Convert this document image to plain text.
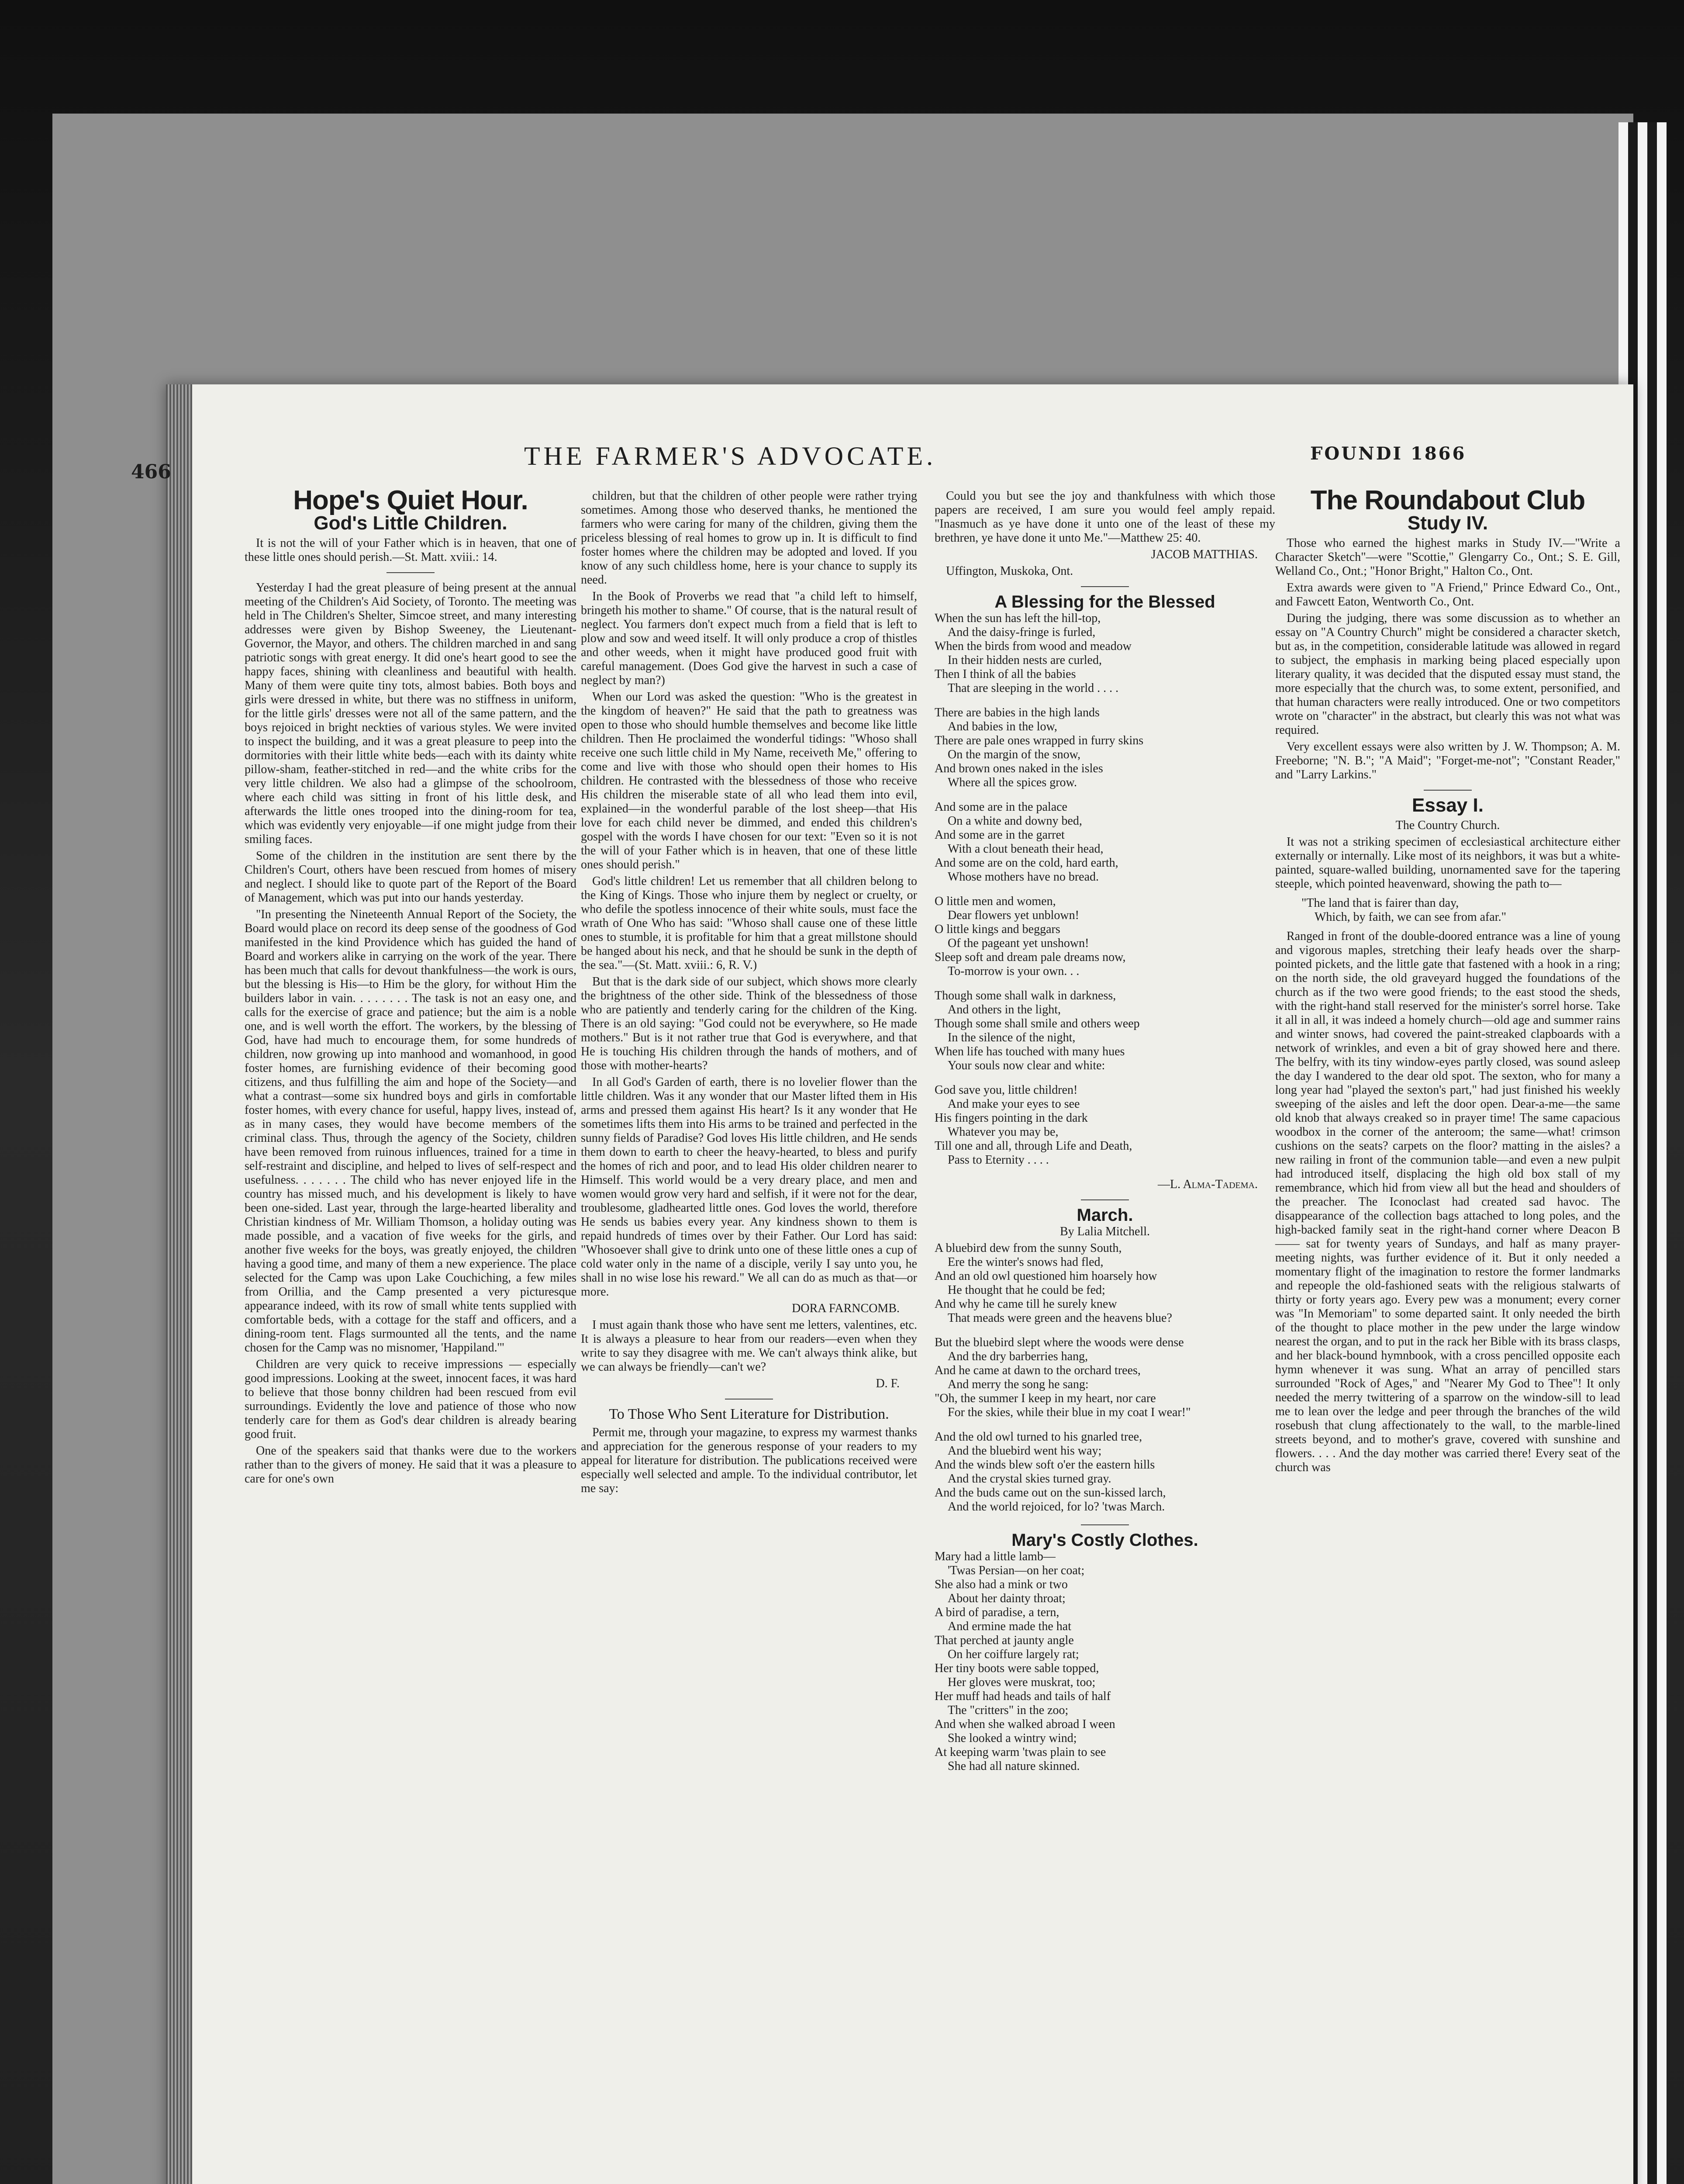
466
THE FARMER'S ADVOCATE.	FOUNDI 1866
Hope's Quiet Hour.
God's Little Children.

It is not the will of your Father which is in heaven, that one of these little ones should perish.—St. Matt. xviii.: 14.

Yesterday I had the great pleasure of being present at the annual meeting of the Children's Aid Society, of Toronto. The meeting was held in The Children's Shelter, Simcoe street, and many interesting addresses were given by Bishop Sweeney, the Lieutenant-Governor, the Mayor, and others. The children marched in and sang patriotic songs with great energy. It did one's heart good to see the happy faces, shining with cleanliness and beautiful with health. Many of them were quite tiny tots, almost babies. Both boys and girls were dressed in white, but there was no stiffness in uniform, for the little girls' dresses were not all of the same pattern, and the boys rejoiced in bright neckties of various styles. We were invited to inspect the building, and it was a great pleasure to peep into the dormitories with their little white beds—each with its dainty white pillow-sham, feather-stitched in red—and the white cribs for the very little children. We also had a glimpse of the schoolroom, where each child was sitting in front of his little desk, and afterwards the little ones trooped into the dining-room for tea, which was evidently very enjoyable—if one might judge from their smiling faces.

Some of the children in the institution are sent there by the Children's Court, others have been rescued from homes of misery and neglect. I should like to quote part of the Report of the Board of Management, which was put into our hands yesterday.

"In presenting the Nineteenth Annual Report of the Society, the Board would place on record its deep sense of the goodness of God manifested in the kind Providence which has guided the hand of Board and workers alike in carrying on the work of the year. There has been much that calls for devout thankfulness—the work is ours, but the blessing is His—to Him be the glory, for without Him the builders labor in vain. . . . . . . . The task is not an easy one, and calls for the exercise of grace and patience; but the aim is a noble one, and is well worth the effort. The workers, by the blessing of God, have had much to encourage them, for some hundreds of children, now growing up into manhood and womanhood, in good foster homes, are furnishing evidence of their becoming good citizens, and thus fulfilling the aim and hope of the Society—and what a contrast—some six hundred boys and girls in comfortable foster homes, with every chance for useful, happy lives, instead of, as in many cases, they would have become members of the criminal class. Thus, through the agency of the Society, children have been removed from ruinous influences, trained for a time in self-restraint and discipline, and helped to lives of self-respect and usefulness. . . . . . . The child who has never enjoyed life in the country has missed much, and his development is likely to have been one-sided. Last year, through the large-hearted liberality and Christian kindness of Mr. William Thomson, a holiday outing was made possible, and a vacation of five weeks for the girls, and another five weeks for the boys, was greatly enjoyed, the children having a good time, and many of them a new experience. The place selected for the Camp was upon Lake Couchiching, a few miles from Orillia, and the Camp presented a very picturesque appearance indeed, with its row of small white tents supplied with comfortable beds, with a cottage for the staff and officers, and a dining-room tent. Flags surmounted all the tents, and the name chosen for the Camp was no misnomer, 'Happiland.'"

Children are very quick to receive impressions — especially good impressions. Looking at the sweet, innocent faces, it was hard to believe that those bonny children had been rescued from evil surroundings. Evidently the love and patience of those who now tenderly care for them as God's dear children is already bearing good fruit.

One of the speakers said that thanks were due to the workers rather than to the givers of money. He said that it was a pleasure to care for one's own

children, but that the children of other people were rather trying sometimes. Among those who deserved thanks, he mentioned the farmers who were caring for many of the children, giving them the priceless blessing of real homes to grow up in. It is difficult to find foster homes where the children may be adopted and loved. If you know of any such childless home, here is your chance to supply its need.

In the Book of Proverbs we read that "a child left to himself, bringeth his mother to shame." Of course, that is the natural result of neglect. You farmers don't expect much from a field that is left to plow and sow and weed itself. It will only produce a crop of thistles and other weeds, when it might have produced good fruit with careful management. (Does God give the harvest in such a case of neglect by man?)

When our Lord was asked the question: "Who is the greatest in the kingdom of heaven?" He said that the path to greatness was open to those who should humble themselves and become like little children. Then He proclaimed the wonderful tidings: "Whoso shall receive one such little child in My Name, receiveth Me," offering to come and live with those who should open their homes to His children. He contrasted with the blessedness of those who receive His children the miserable state of all who lead them into evil, explained—in the wonderful parable of the lost sheep—that His love for each child never be dimmed, and ended this children's gospel with the words I have chosen for our text: "Even so it is not the will of your Father which is in heaven, that one of these little ones should perish."

God's little children! Let us remember that all children belong to the King of Kings. Those who injure them by neglect or cruelty, or who defile the spotless innocence of their white souls, must face the wrath of One Who has said: "Whoso shall cause one of these little ones to stumble, it is profitable for him that a great millstone should be hanged about his neck, and that he should be sunk in the depth of the sea."—(St. Matt. xviii.: 6, R. V.)

But that is the dark side of our subject, which shows more clearly the brightness of the other side. Think of the blessedness of those who are patiently and tenderly caring for the children of the King. There is an old saying: "God could not be everywhere, so He made mothers." But is it not rather true that God is everywhere, and that He is touching His children through the hands of mothers, and of those with mother-hearts?

In all God's Garden of earth, there is no lovelier flower than the little children. Was it any wonder that our Master lifted them in His arms and pressed them against His heart? Is it any wonder that He sometimes lifts them into His arms to be trained and perfected in the sunny fields of Paradise? God loves His little children, and He sends them down to earth to cheer the heavy-hearted, to bless and purify the homes of rich and poor, and to lead His older children nearer to Himself. This world would be a very dreary place, and men and women would grow very hard and selfish, if it were not for the dear, troublesome, gladhearted little ones. God loves the world, therefore He sends us babies every year. Any kindness shown to them is repaid hundreds of times over by their Father. Our Lord has said: "Whosoever shall give to drink unto one of these little ones a cup of cold water only in the name of a disciple, verily I say unto you, he shall in no wise lose his reward." We all can do as much as that—or more.

DORA FARNCOMB.

I must again thank those who have sent me letters, valentines, etc. It is always a pleasure to hear from our readers—even when they write to say they disagree with me. We can't always think alike, but we can always be friendly—can't we?

D. F.

To Those Who Sent Literature for Distribution.

Permit me, through your magazine, to express my warmest thanks and appreciation for the generous response of your readers to my appeal for literature for distribution. The publications received were especially well selected and ample. To the individual contributor, let me say:

Could you but see the joy and thankfulness with which those papers are received, I am sure you would feel amply repaid. "Inasmuch as ye have done it unto one of the least of these my brethren, ye have done it unto Me."—Matthew 25: 40.

JACOB MATTHIAS.

Uffington, Muskoka, Ont.

A Blessing for the Blessed
When the sun has left the hill-top,
And the daisy-fringe is furled,
When the birds from wood and meadow
In their hidden nests are curled,
Then I think of all the babies
That are sleeping in the world . . . .
There are babies in the high lands
And babies in the low,
There are pale ones wrapped in furry skins
On the margin of the snow,
And brown ones naked in the isles
Where all the spices grow.
And some are in the palace
On a white and downy bed,
And some are in the garret
With a clout beneath their head,
And some are on the cold, hard earth,
Whose mothers have no bread.
O little men and women,
Dear flowers yet unblown!
O little kings and beggars
Of the pageant yet unshown!
Sleep soft and dream pale dreams now,
To-morrow is your own. . .
Though some shall walk in darkness,
And others in the light,
Though some shall smile and others weep
In the silence of the night,
When life has touched with many hues
Your souls now clear and white:
God save you, little children!
And make your eyes to see
His fingers pointing in the dark
Whatever you may be,
Till one and all, through Life and Death,
Pass to Eternity . . . .

—L. Alma-Tadema.

March.

By Lalia Mitchell.

A bluebird dew from the sunny South,
Ere the winter's snows had fled,
And an old owl questioned him hoarsely how
He thought that he could be fed;
And why he came till he surely knew
That meads were green and the heavens blue?
But the bluebird slept where the woods were dense
And the dry barberries hang,
And he came at dawn to the orchard trees,
And merry the song he sang:
"Oh, the summer I keep in my heart, nor care
For the skies, while their blue in my coat I wear!"
And the old owl turned to his gnarled tree,
And the bluebird went his way;
And the winds blew soft o'er the eastern hills
And the crystal skies turned gray.
And the buds came out on the sun-kissed larch,
And the world rejoiced, for lo? 'twas March.
Mary's Costly Clothes.
Mary had a little lamb—
'Twas Persian—on her coat;
She also had a mink or two
About her dainty throat;
A bird of paradise, a tern,
And ermine made the hat
That perched at jaunty angle
On her coiffure largely rat;
Her tiny boots were sable topped,
Her gloves were muskrat, too;
Her muff had heads and tails of half
The "critters" in the zoo;
And when she walked abroad I ween
She looked a wintry wind;
At keeping warm 'twas plain to see
She had all nature skinned.
The Roundabout Club
Study IV.

Those who earned the highest marks in Study IV.—"Write a Character Sketch"—were "Scottie," Glengarry Co., Ont.; S. E. Gill, Welland Co., Ont.; "Honor Bright," Halton Co., Ont.

Extra awards were given to "A Friend," Prince Edward Co., Ont., and Fawcett Eaton, Wentworth Co., Ont.

During the judging, there was some discussion as to whether an essay on "A Country Church" might be considered a character sketch, but as, in the competition, considerable latitude was allowed in regard to subject, the emphasis in marking being placed especially upon literary quality, it was decided that the disputed essay must stand, the more especially that the church was, to some extent, personified, and that human characters were really introduced. One or two competitors wrote on "character" in the abstract, but clearly this was not what was required.

Very excellent essays were also written by J. W. Thompson; A. M. Freeborne; "N. B."; "A Maid"; "Forget-me-not"; "Constant Reader," and "Larry Larkins."

Essay I.

The Country Church.

It was not a striking specimen of ecclesiastical architecture either externally or internally. Like most of its neighbors, it was but a white-painted, square-walled building, unornamented save for the tapering steeple, which pointed heavenward, showing the path to—

"The land that is fairer than day,
Which, by faith, we can see from afar."

Ranged in front of the double-doored entrance was a line of young and vigorous maples, stretching their leafy heads over the sharp-pointed pickets, and the little gate that fastened with a hook in a ring; on the north side, the old graveyard hugged the foundations of the church as if the two were good friends; to the east stood the sheds, with the right-hand stall reserved for the minister's sorrel horse. Take it all in all, it was indeed a homely church—old age and summer rains and winter snows, had covered the paint-streaked clapboards with a network of wrinkles, and even a bit of gray showed here and there. The belfry, with its tiny window-eyes partly closed, was sound asleep the day I wandered to the dear old spot. The sexton, who for many a long year had "played the sexton's part," had just finished his weekly sweeping of the aisles and left the door open. Dear-a-me—the same old knob that always creaked so in prayer time! The same capacious woodbox in the corner of the anteroom; the same—what! crimson cushions on the seats? carpets on the floor? matting in the aisles? a new railing in front of the communion table—and even a new pulpit had introduced itself, displacing the high old box stall of my remembrance, which hid from view all but the head and shoulders of the preacher. The Iconoclast had created sad havoc. The disappearance of the collection bags attached to long poles, and the high-backed family seat in the right-hand corner where Deacon B—— sat for twenty years of Sundays, and half as many prayer-meeting nights, was further evidence of it. But it only needed a momentary flight of the imagination to restore the former landmarks and repeople the old-fashioned seats with the religious stalwarts of thirty or forty years ago. Every pew was a monument; every corner was "In Memoriam" to some departed saint. It only needed the birth of the thought to place mother in the pew under the large window nearest the organ, and to put in the rack her Bible with its brass clasps, and her black-bound hymnbook, with a cross pencilled opposite each hymn whenever it was sung. What an array of pencilled stars surrounded "Rock of Ages," and "Nearer My God to Thee"! It only needed the merry twittering of a sparrow on the window-sill to lead me to lean over the ledge and peer through the branches of the wild rosebush that clung affectionately to the wall, to the marble-lined streets beyond, and to mother's grave, covered with sunshine and flowers. . . . And the day mother was carried there! Every seat of the church was
